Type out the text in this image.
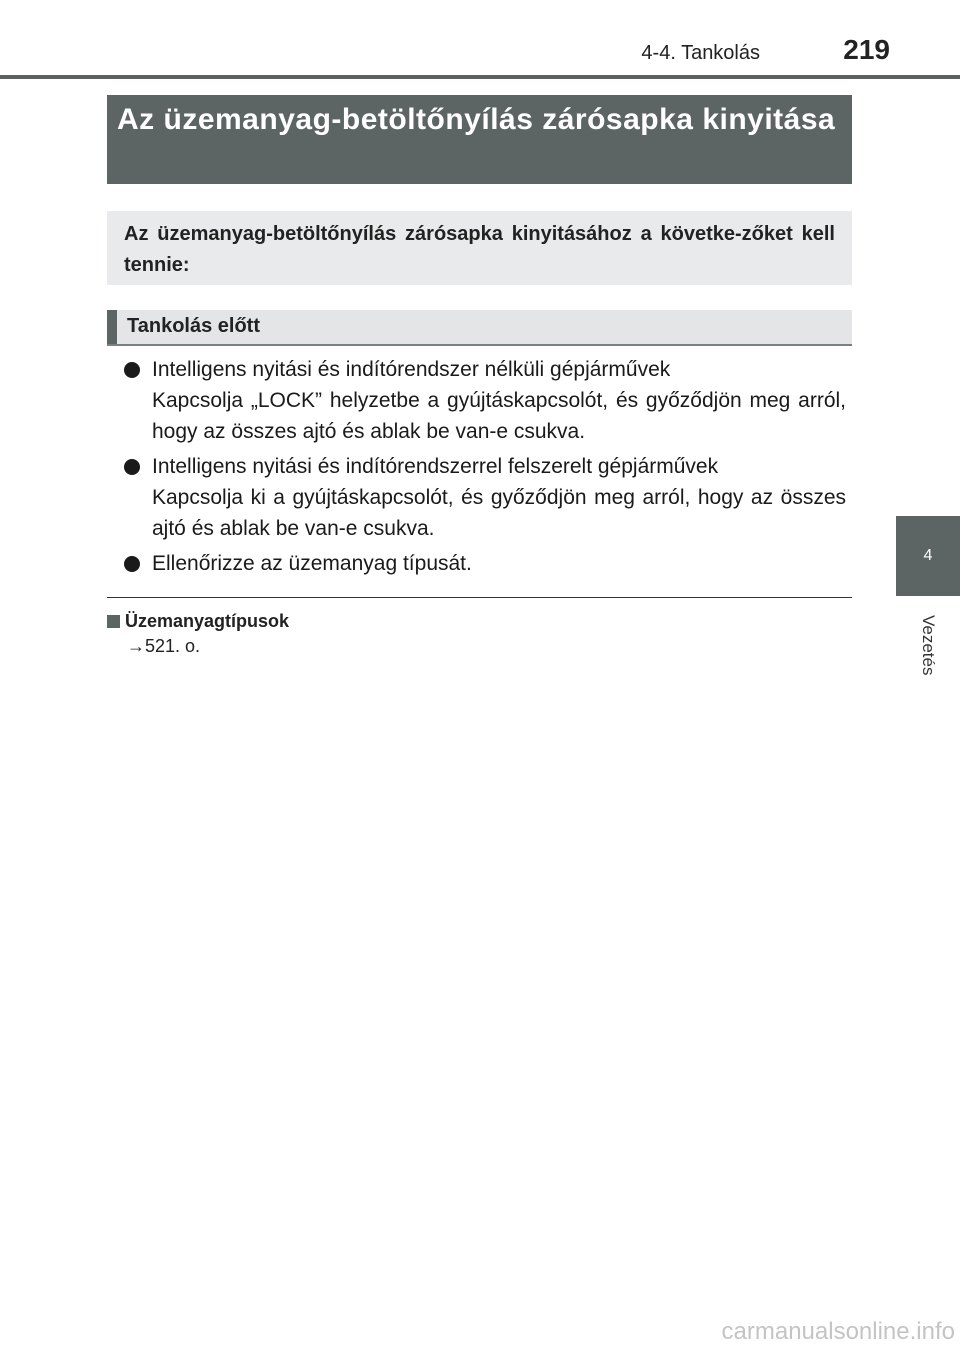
4-4. Tankolás	219
4
Vezetés
Az üzemanyag-betöltőnyílás zárósapka kinyitása
Az üzemanyag-betöltőnyílás zárósapka kinyitásához a követke-zőket kell tennie:
Tankolás előtt
Intelligens nyitási és indítórendszer nélküli gépjárművek
Kapcsolja „LOCK” helyzetbe a gyújtáskapcsolót, és győződjön meg arról, hogy az összes ajtó és ablak be van-e csukva.
Intelligens nyitási és indítórendszerrel felszerelt gépjárművek
Kapcsolja ki a gyújtáskapcsolót, és győződjön meg arról, hogy az összes ajtó és ablak be van-e csukva.
Ellenőrizze az üzemanyag típusát.
Üzemanyagtípusok
→521. o.
carmanualsonline.info
